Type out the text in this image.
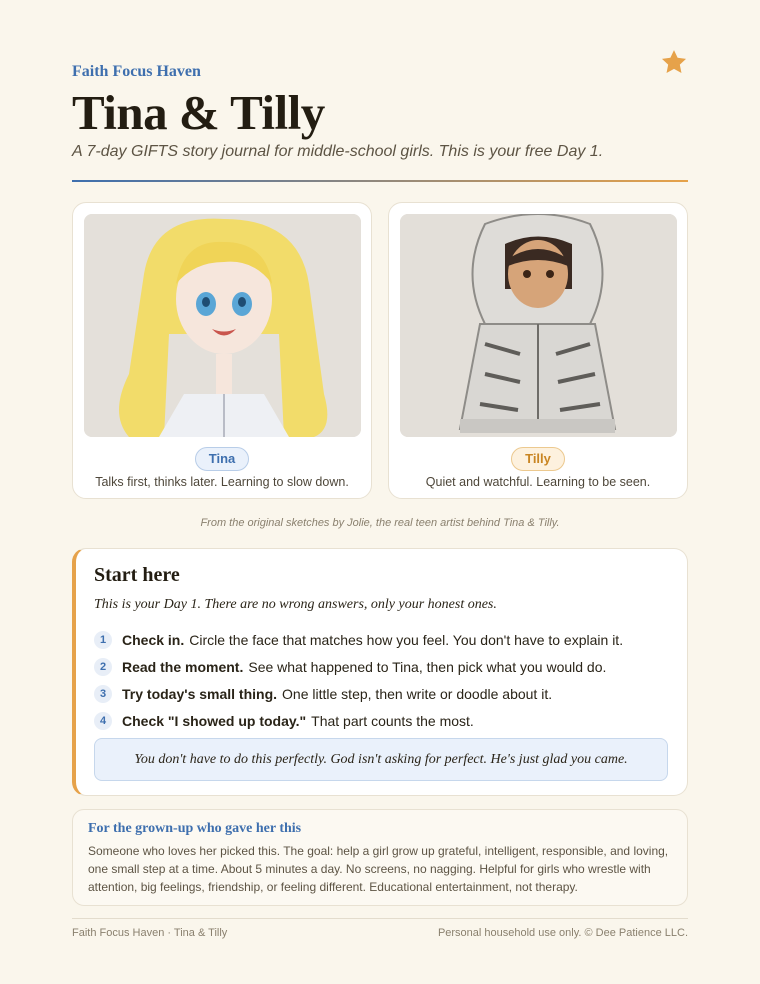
Faith Focus Haven
Tina & Tilly
A 7-day GIFTS story journal for middle-school girls. This is your free Day 1.
Tina
Talks first, thinks later. Learning to slow down.
Tilly
Quiet and watchful. Learning to be seen.
From the original sketches by Jolie, the real teen artist behind Tina & Tilly.
Start here
This is your Day 1. There are no wrong answers, only your honest ones.
1	Check in. Circle the face that matches how you feel. You don't have to explain it.
2	Read the moment. See what happened to Tina, then pick what you would do.
3	Try today's small thing. One little step, then write or doodle about it.
4	Check "I showed up today." That part counts the most.
You don't have to do this perfectly. God isn't asking for perfect. He's just glad you came.
For the grown-up who gave her this

Someone who loves her picked this. The goal: help a girl grow up grateful, intelligent, responsible, and loving, one small step at a time. About 5 minutes a day. No screens, no nagging. Helpful for girls who wrestle with attention, big feelings, friendship, or feeling different. Educational entertainment, not therapy.

Faith Focus Haven · Tina & Tilly	Personal household use only. © Dee Patience LLC.
